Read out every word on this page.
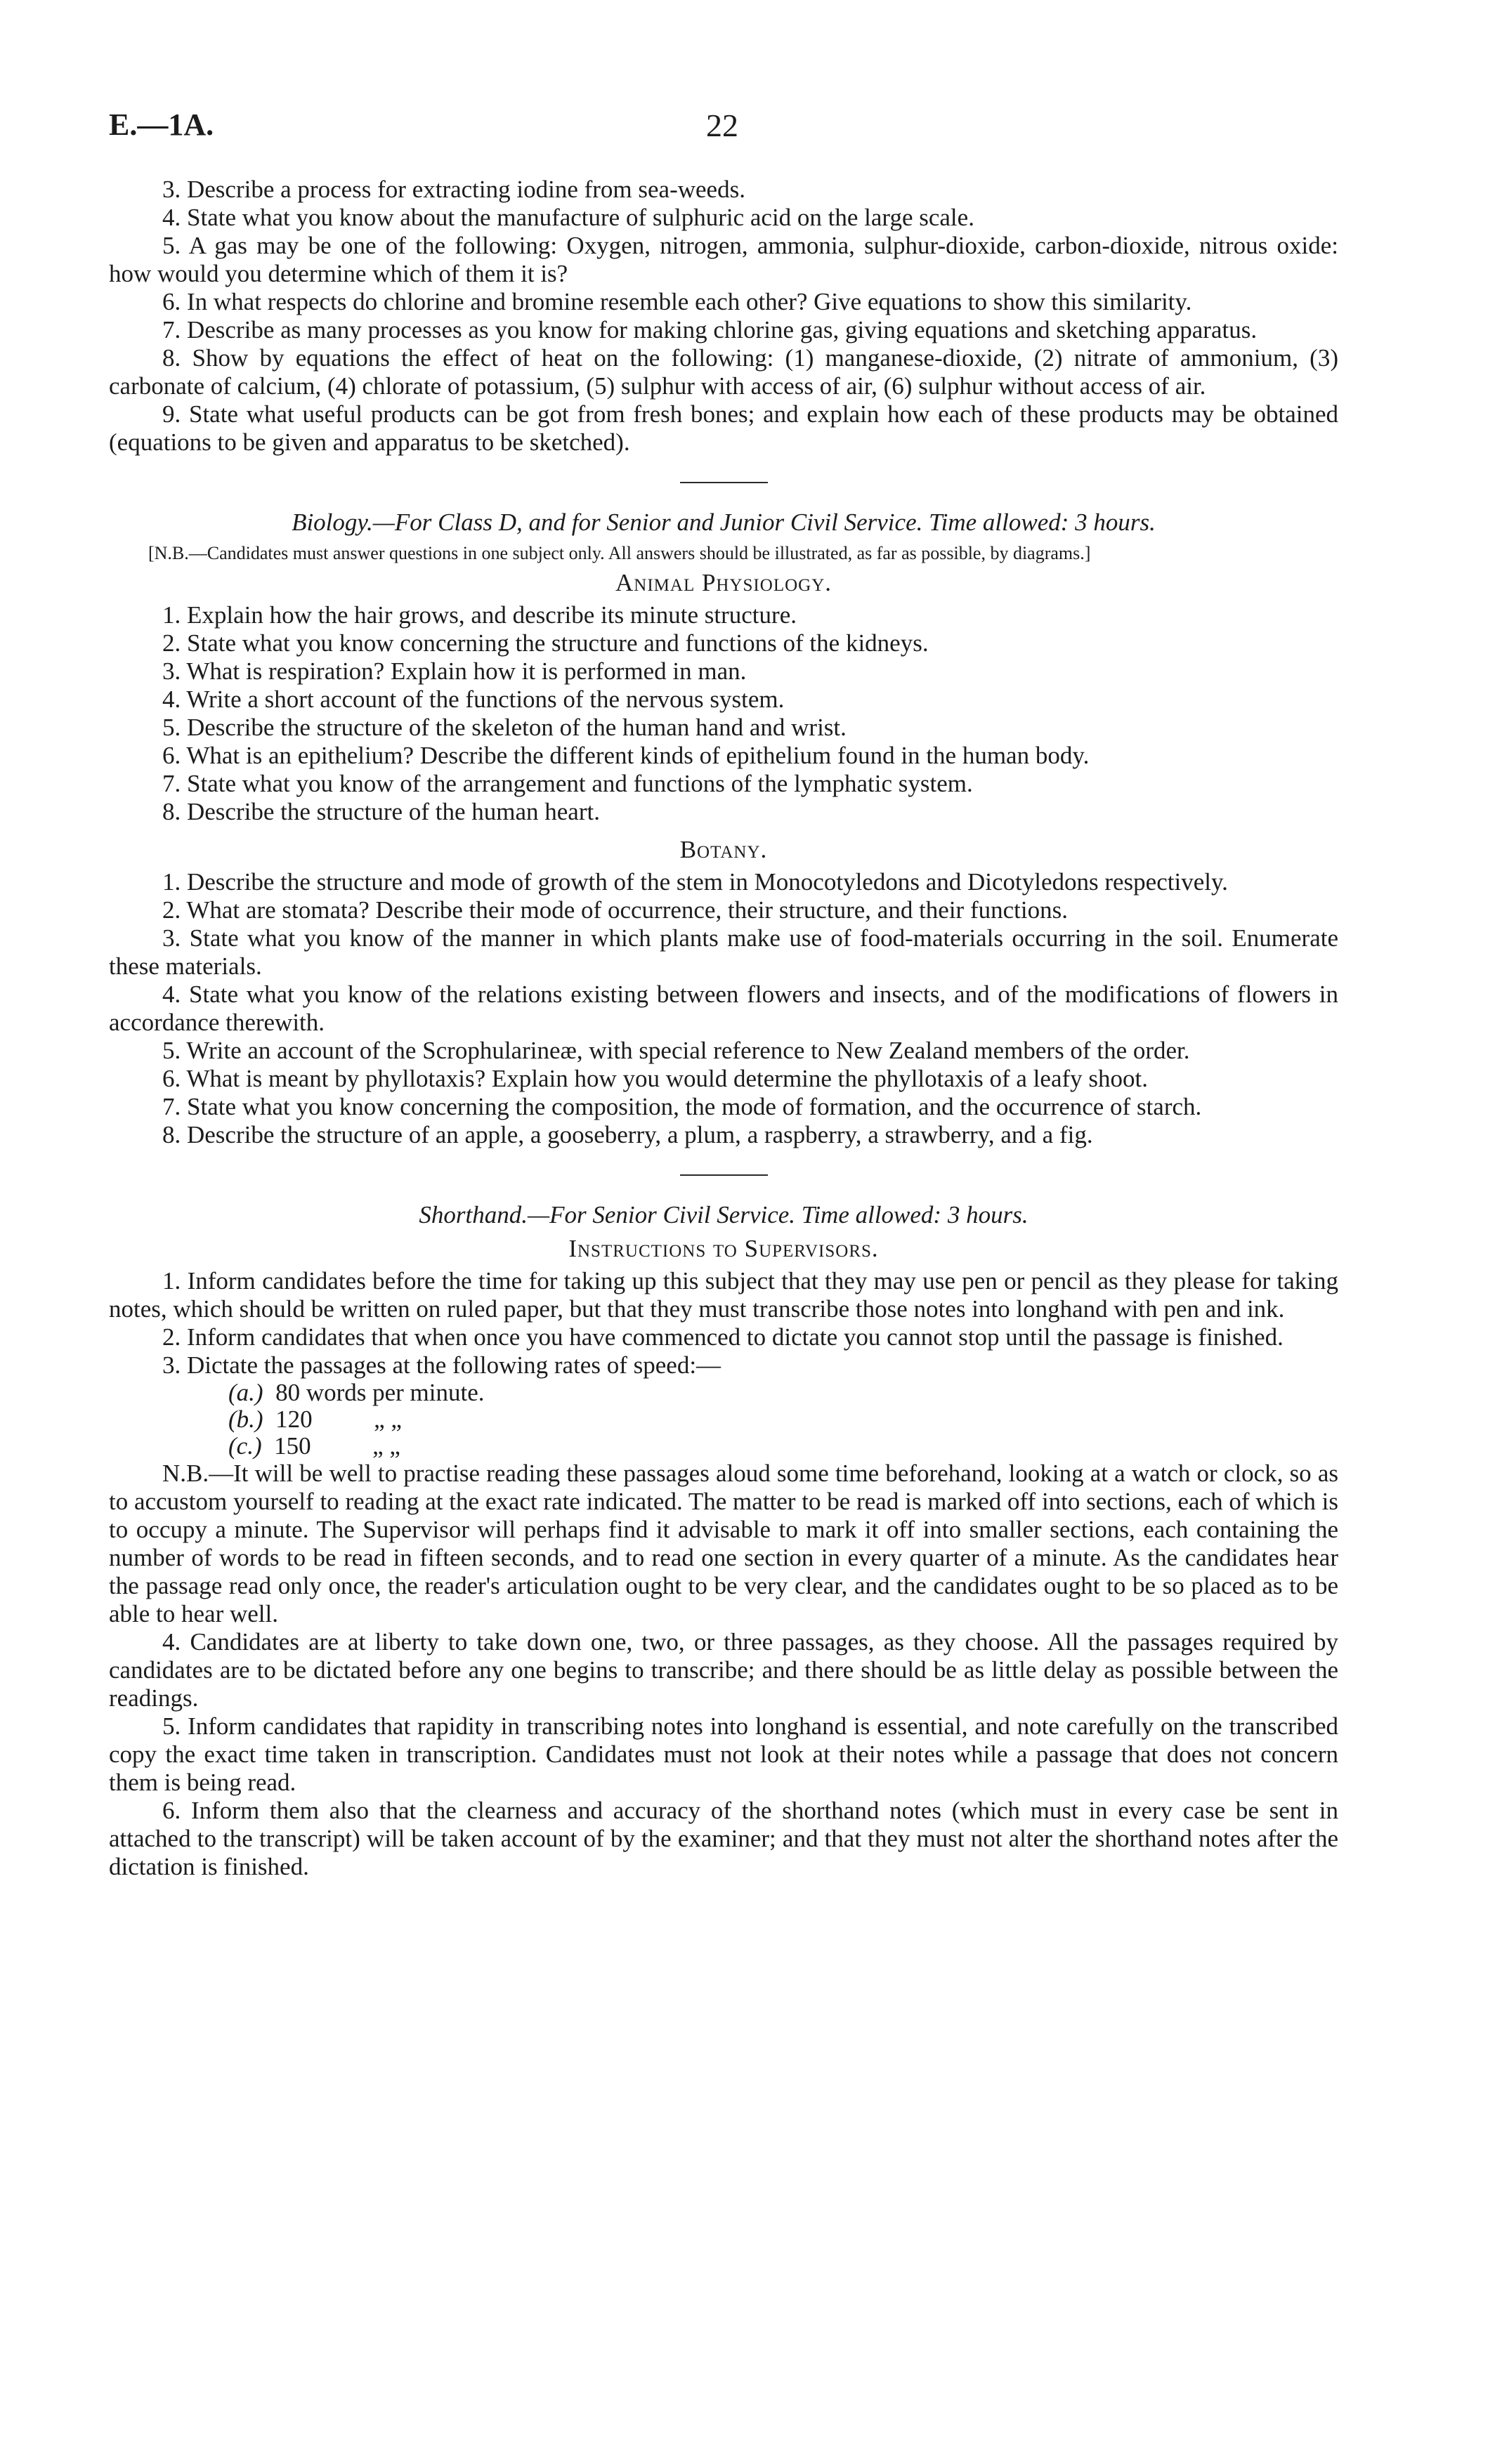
E.—1A.	22

3. Describe a process for extracting iodine from sea-weeds.

4. State what you know about the manufacture of sulphuric acid on the large scale.

5. A gas may be one of the following: Oxygen, nitrogen, ammonia, sulphur-dioxide, carbon-dioxide, nitrous oxide: how would you determine which of them it is?

6. In what respects do chlorine and bromine resemble each other? Give equations to show this similarity.

7. Describe as many processes as you know for making chlorine gas, giving equations and sketching apparatus.

8. Show by equations the effect of heat on the following: (1) manganese-dioxide, (2) nitrate of ammonium, (3) carbonate of calcium, (4) chlorate of potassium, (5) sulphur with access of air, (6) sulphur without access of air.

9. State what useful products can be got from fresh bones; and explain how each of these products may be obtained (equations to be given and apparatus to be sketched).

Biology.—For Class D, and for Senior and Junior Civil Service. Time allowed: 3 hours.

[N.B.—Candidates must answer questions in one subject only. All answers should be illustrated, as far as possible, by diagrams.]

Animal Physiology.

1. Explain how the hair grows, and describe its minute structure.

2. State what you know concerning the structure and functions of the kidneys.

3. What is respiration? Explain how it is performed in man.

4. Write a short account of the functions of the nervous system.

5. Describe the structure of the skeleton of the human hand and wrist.

6. What is an epithelium? Describe the different kinds of epithelium found in the human body.

7. State what you know of the arrangement and functions of the lymphatic system.

8. Describe the structure of the human heart.

Botany.

1. Describe the structure and mode of growth of the stem in Monocotyledons and Dicotyledons respectively.

2. What are stomata? Describe their mode of occurrence, their structure, and their functions.

3. State what you know of the manner in which plants make use of food-materials occurring in the soil. Enumerate these materials.

4. State what you know of the relations existing between flowers and insects, and of the modifications of flowers in accordance therewith.

5. Write an account of the Scrophularineæ, with special reference to New Zealand members of the order.

6. What is meant by phyllotaxis? Explain how you would determine the phyllotaxis of a leafy shoot.

7. State what you know concerning the composition, the mode of formation, and the occurrence of starch.

8. Describe the structure of an apple, a gooseberry, a plum, a raspberry, a strawberry, and a fig.

Shorthand.—For Senior Civil Service. Time allowed: 3 hours.

Instructions to Supervisors.

1. Inform candidates before the time for taking up this subject that they may use pen or pencil as they please for taking notes, which should be written on ruled paper, but that they must transcribe those notes into longhand with pen and ink.

2. Inform candidates that when once you have commenced to dictate you cannot stop until the passage is finished.

3. Dictate the passages at the following rates of speed:—

(a.) 80 words per minute.
(b.) 120	„ „
(c.) 150	„ „

N.B.—It will be well to practise reading these passages aloud some time beforehand, looking at a watch or clock, so as to accustom yourself to reading at the exact rate indicated. The matter to be read is marked off into sections, each of which is to occupy a minute. The Supervisor will perhaps find it advisable to mark it off into smaller sections, each containing the number of words to be read in fifteen seconds, and to read one section in every quarter of a minute. As the candidates hear the passage read only once, the reader's articulation ought to be very clear, and the candidates ought to be so placed as to be able to hear well.

4. Candidates are at liberty to take down one, two, or three passages, as they choose. All the passages required by candidates are to be dictated before any one begins to transcribe; and there should be as little delay as possible between the readings.

5. Inform candidates that rapidity in transcribing notes into longhand is essential, and note carefully on the transcribed copy the exact time taken in transcription. Candidates must not look at their notes while a passage that does not concern them is being read.

6. Inform them also that the clearness and accuracy of the shorthand notes (which must in every case be sent in attached to the transcript) will be taken account of by the examiner; and that they must not alter the shorthand notes after the dictation is finished.
